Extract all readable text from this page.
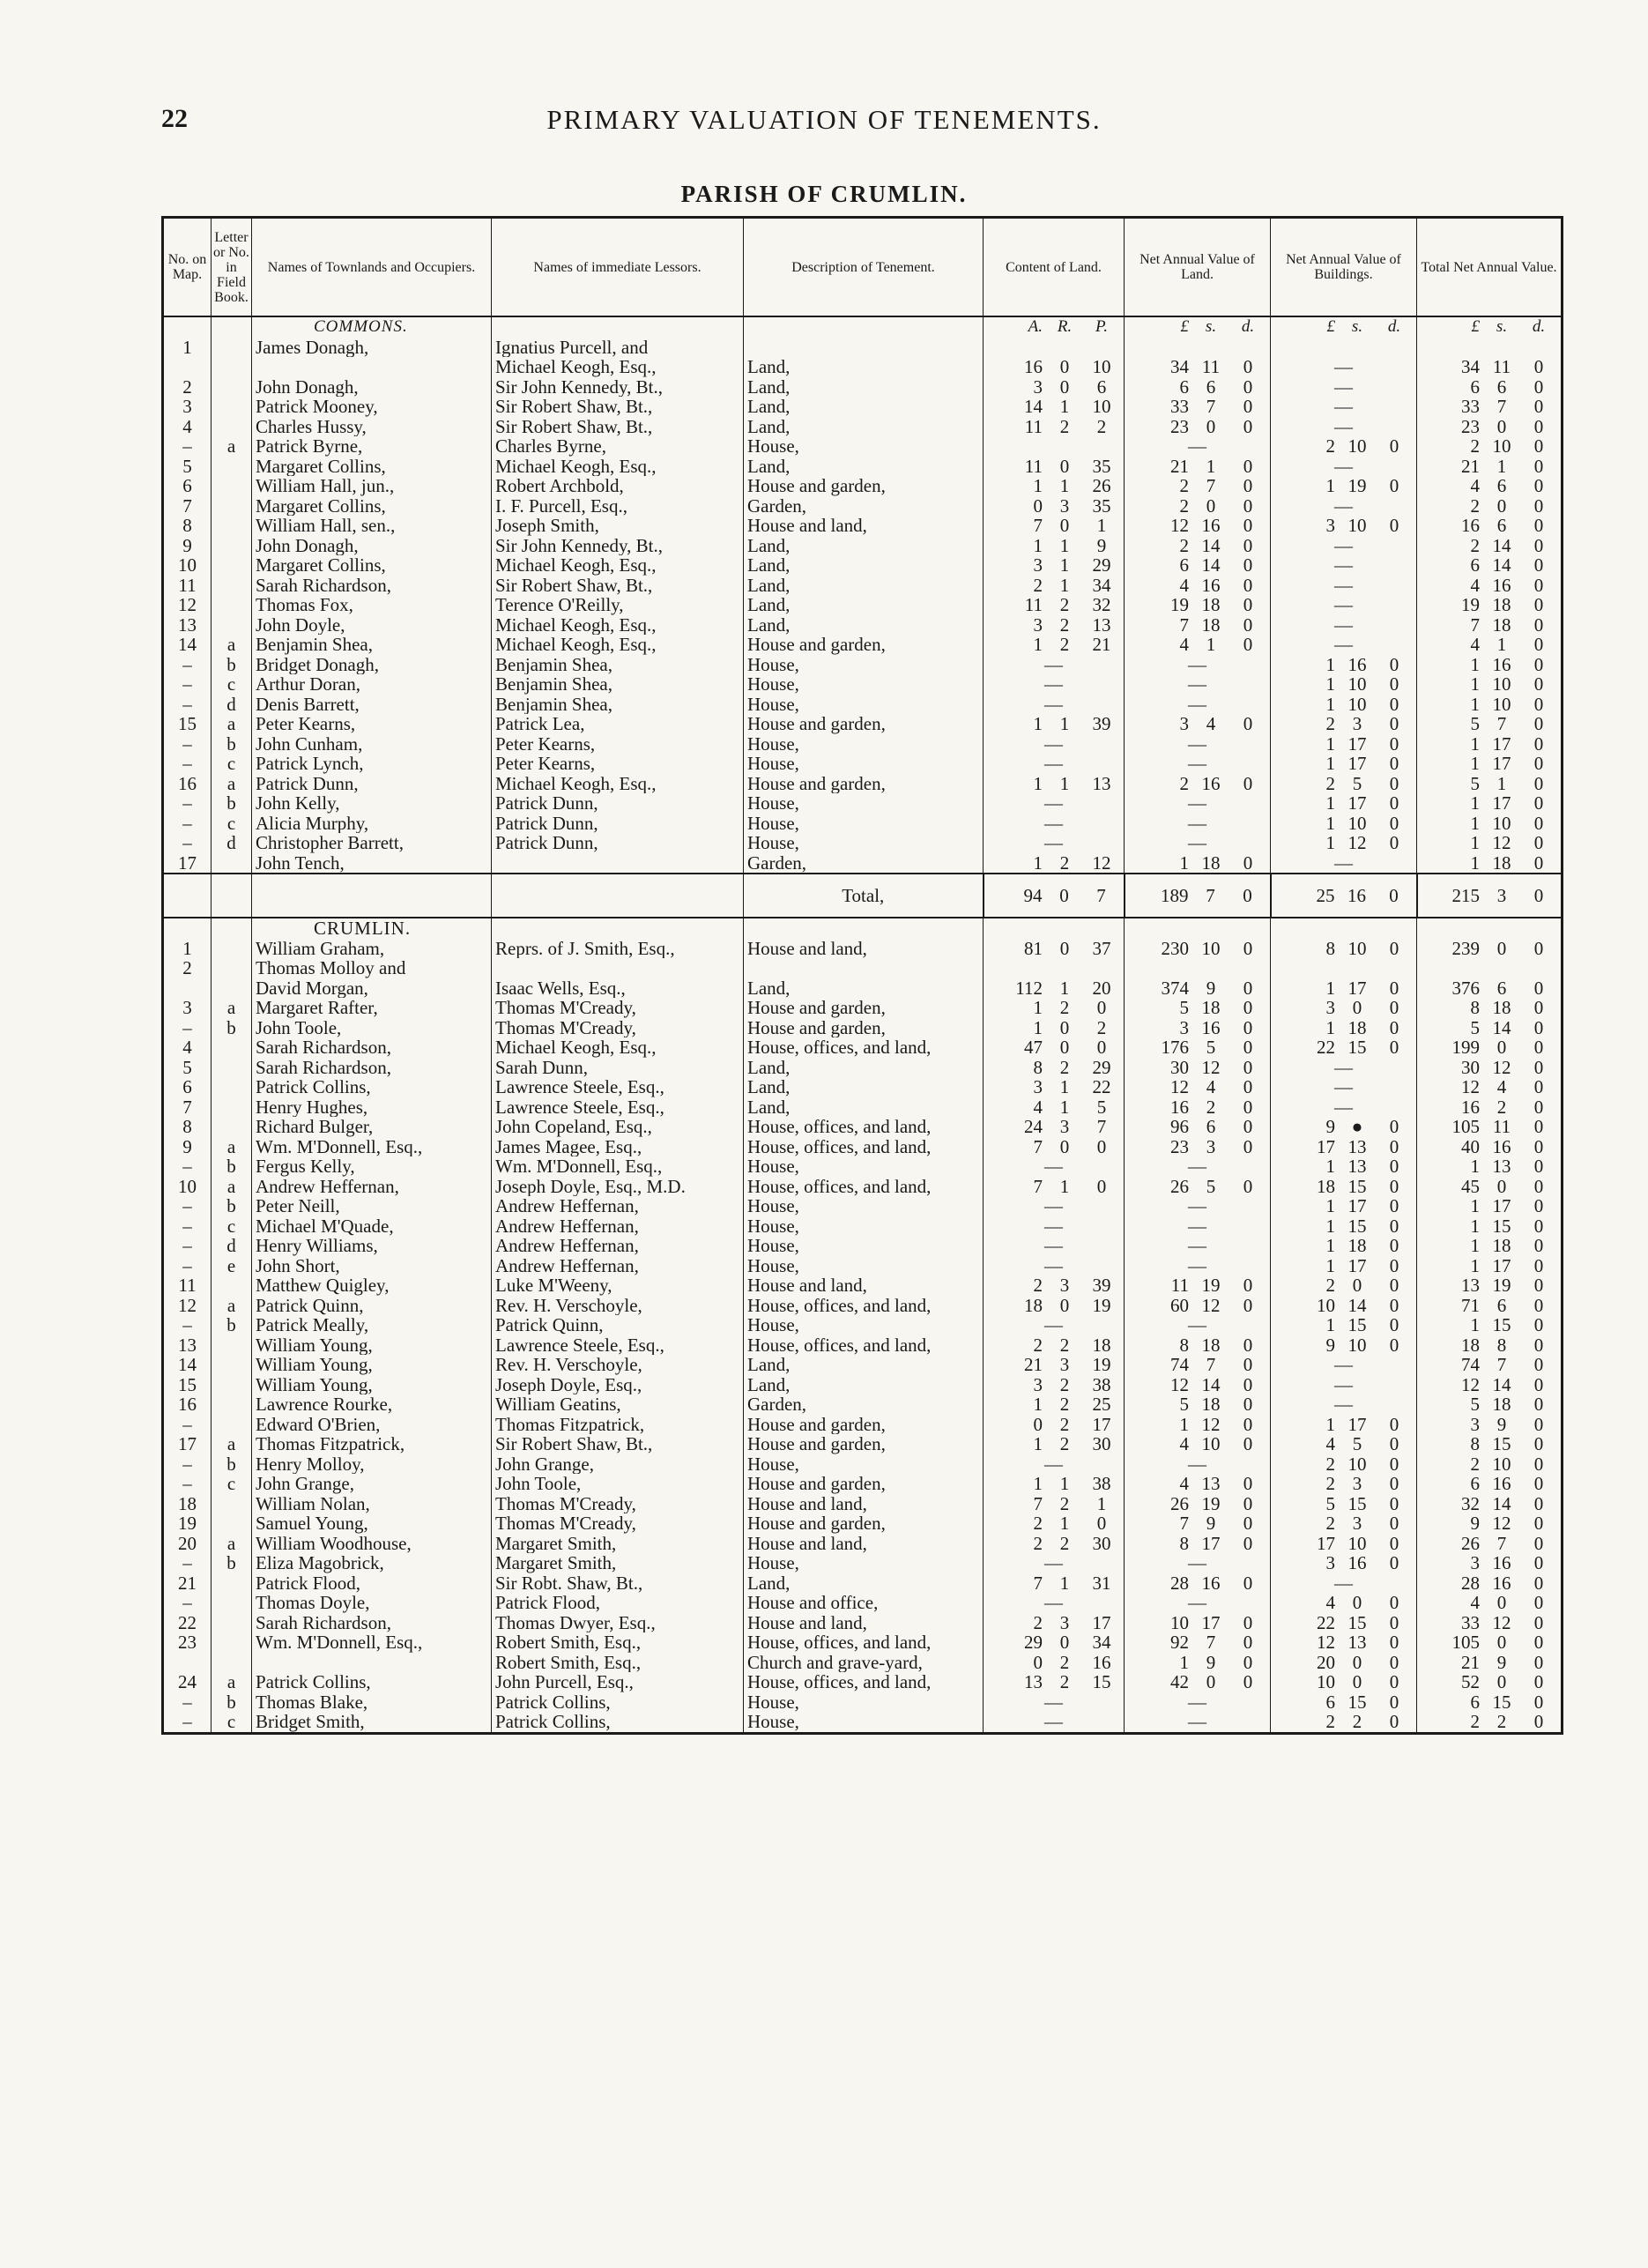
22	PRIMARY VALUATION OF TENEMENTS.
PARISH OF CRUMLIN.
No. on Map.	Letter or No. in Field Book.	Names of Townlands and Occupiers.	Names of immediate Lessors.	Description of Tenement.	Content of Land.	Net Annual Value of Land.	Net Annual Value of Buildings.	Total Net Annual Value.
		COMMONS.			A. R. P.	£ s. d.	£ s. d.	£ s. d.

1		James Donagh,	Ignatius Purcell, and		

			Michael Keogh, Esq.,	Land,	16 0 10	34 11 0	—	34 11 0

2		John Donagh,	Sir John Kennedy, Bt.,	Land,	3 0 6	6 6 0	—	6 6 0

3		Patrick Mooney,	Sir Robert Shaw, Bt.,	Land,	14 1 10	33 7 0	—	33 7 0

4		Charles Hussy,	Sir Robert Shaw, Bt.,	Land,	11 2 2	23 0 0	—	23 0 0

–	a	Patrick Byrne,	Charles Byrne,	House,		—	2 10 0	2 10 0

5		Margaret Collins,	Michael Keogh, Esq.,	Land,	11 0 35	21 1 0	—	21 1 0

6		William Hall, jun.,	Robert Archbold,	House and garden,	1 1 26	2 7 0	1 19 0	4 6 0

7		Margaret Collins,	I. F. Purcell, Esq.,	Garden,	0 3 35	2 0 0	—	2 0 0

8		William Hall, sen.,	Joseph Smith,	House and land,	7 0 1	12 16 0	3 10 0	16 6 0

9		John Donagh,	Sir John Kennedy, Bt.,	Land,	1 1 9	2 14 0	—	2 14 0

10		Margaret Collins,	Michael Keogh, Esq.,	Land,	3 1 29	6 14 0	—	6 14 0

11		Sarah Richardson,	Sir Robert Shaw, Bt.,	Land,	2 1 34	4 16 0	—	4 16 0

12		Thomas Fox,	Terence O'Reilly,	Land,	11 2 32	19 18 0	—	19 18 0

13		John Doyle,	Michael Keogh, Esq.,	Land,	3 2 13	7 18 0	—	7 18 0

14	a	Benjamin Shea,	Michael Keogh, Esq.,	House and garden,	1 2 21	4 1 0	—	4 1 0

–	b	Bridget Donagh,	Benjamin Shea,	House,	—	—	1 16 0	1 16 0

–	c	Arthur Doran,	Benjamin Shea,	House,	—	—	1 10 0	1 10 0

–	d	Denis Barrett,	Benjamin Shea,	House,	—	—	1 10 0	1 10 0

15	a	Peter Kearns,	Patrick Lea,	House and garden,	1 1 39	3 4 0	2 3 0	5 7 0

–	b	John Cunham,	Peter Kearns,	House,	—	—	1 17 0	1 17 0

–	c	Patrick Lynch,	Peter Kearns,	House,	—	—	1 17 0	1 17 0

16	a	Patrick Dunn,	Michael Keogh, Esq.,	House and garden,	1 1 13	2 16 0	2 5 0	5 1 0

–	b	John Kelly,	Patrick Dunn,	House,	—	—	1 17 0	1 17 0

–	c	Alicia Murphy,	Patrick Dunn,	House,	—	—	1 10 0	1 10 0

–	d	Christopher Barrett,	Patrick Dunn,	House,	—	—	1 12 0	1 12 0

17		John Tench,		Garden,	1 2 12	1 18 0	—	1 18 0

				Total,	94 0 7	189 7 0	25 16 0	215 3 0

		CRUMLIN.			

1		William Graham,	Reprs. of J. Smith, Esq.,	House and land,	81 0 37	230 10 0	8 10 0	239 0 0

2		Thomas Molloy and			

		David Morgan,	Isaac Wells, Esq.,	Land,	112 1 20	374 9 0	1 17 0	376 6 0

3	a	Margaret Rafter,	Thomas M'Cready,	House and garden,	1 2 0	5 18 0	3 0 0	8 18 0

–	b	John Toole,	Thomas M'Cready,	House and garden,	1 0 2	3 16 0	1 18 0	5 14 0

4		Sarah Richardson,	Michael Keogh, Esq.,	House, offices, and land,	47 0 0	176 5 0	22 15 0	199 0 0

5		Sarah Richardson,	Sarah Dunn,	Land,	8 2 29	30 12 0	—	30 12 0

6		Patrick Collins,	Lawrence Steele, Esq.,	Land,	3 1 22	12 4 0	—	12 4 0

7		Henry Hughes,	Lawrence Steele, Esq.,	Land,	4 1 5	16 2 0	—	16 2 0

8		Richard Bulger,	John Copeland, Esq.,	House, offices, and land,	24 3 7	96 6 0	9 ● 0	105 11 0

9	a	Wm. M'Donnell, Esq.,	James Magee, Esq.,	House, offices, and land,	7 0 0	23 3 0	17 13 0	40 16 0

–	b	Fergus Kelly,	Wm. M'Donnell, Esq.,	House,	—	—	1 13 0	1 13 0

10	a	Andrew Heffernan,	Joseph Doyle, Esq., M.D.	House, offices, and land,	7 1 0	26 5 0	18 15 0	45 0 0

–	b	Peter Neill,	Andrew Heffernan,	House,	—	—	1 17 0	1 17 0

–	c	Michael M'Quade,	Andrew Heffernan,	House,	—	—	1 15 0	1 15 0

–	d	Henry Williams,	Andrew Heffernan,	House,	—	—	1 18 0	1 18 0

–	e	John Short,	Andrew Heffernan,	House,	—	—	1 17 0	1 17 0

11		Matthew Quigley,	Luke M'Weeny,	House and land,	2 3 39	11 19 0	2 0 0	13 19 0

12	a	Patrick Quinn,	Rev. H. Verschoyle,	House, offices, and land,	18 0 19	60 12 0	10 14 0	71 6 0

–	b	Patrick Meally,	Patrick Quinn,	House,	—	—	1 15 0	1 15 0

13		William Young,	Lawrence Steele, Esq.,	House, offices, and land,	2 2 18	8 18 0	9 10 0	18 8 0

14		William Young,	Rev. H. Verschoyle,	Land,	21 3 19	74 7 0	—	74 7 0

15		William Young,	Joseph Doyle, Esq.,	Land,	3 2 38	12 14 0	—	12 14 0

16		Lawrence Rourke,	William Geatins,	Garden,	1 2 25	5 18 0	—	5 18 0

–		Edward O'Brien,	Thomas Fitzpatrick,	House and garden,	0 2 17	1 12 0	1 17 0	3 9 0

17	a	Thomas Fitzpatrick,	Sir Robert Shaw, Bt.,	House and garden,	1 2 30	4 10 0	4 5 0	8 15 0

–	b	Henry Molloy,	John Grange,	House,	—	—	2 10 0	2 10 0

–	c	John Grange,	John Toole,	House and garden,	1 1 38	4 13 0	2 3 0	6 16 0

18		William Nolan,	Thomas M'Cready,	House and land,	7 2 1	26 19 0	5 15 0	32 14 0

19		Samuel Young,	Thomas M'Cready,	House and garden,	2 1 0	7 9 0	2 3 0	9 12 0

20	a	William Woodhouse,	Margaret Smith,	House and land,	2 2 30	8 17 0	17 10 0	26 7 0

–	b	Eliza Magobrick,	Margaret Smith,	House,	—	—	3 16 0	3 16 0

21		Patrick Flood,	Sir Robt. Shaw, Bt.,	Land,	7 1 31	28 16 0	—	28 16 0

–		Thomas Doyle,	Patrick Flood,	House and office,	—	—	4 0 0	4 0 0

22		Sarah Richardson,	Thomas Dwyer, Esq.,	House and land,	2 3 17	10 17 0	22 15 0	33 12 0

23		Wm. M'Donnell, Esq.,	Robert Smith, Esq.,	House, offices, and land,	29 0 34	92 7 0	12 13 0	105 0 0

			Robert Smith, Esq.,	Church and grave-yard,	0 2 16	1 9 0	20 0 0	21 9 0

24	a	Patrick Collins,	John Purcell, Esq.,	House, offices, and land,	13 2 15	42 0 0	10 0 0	52 0 0

–	b	Thomas Blake,	Patrick Collins,	House,	—	—	6 15 0	6 15 0

–	c	Bridget Smith,	Patrick Collins,	House,	—	—	2 2 0	2 2 0
